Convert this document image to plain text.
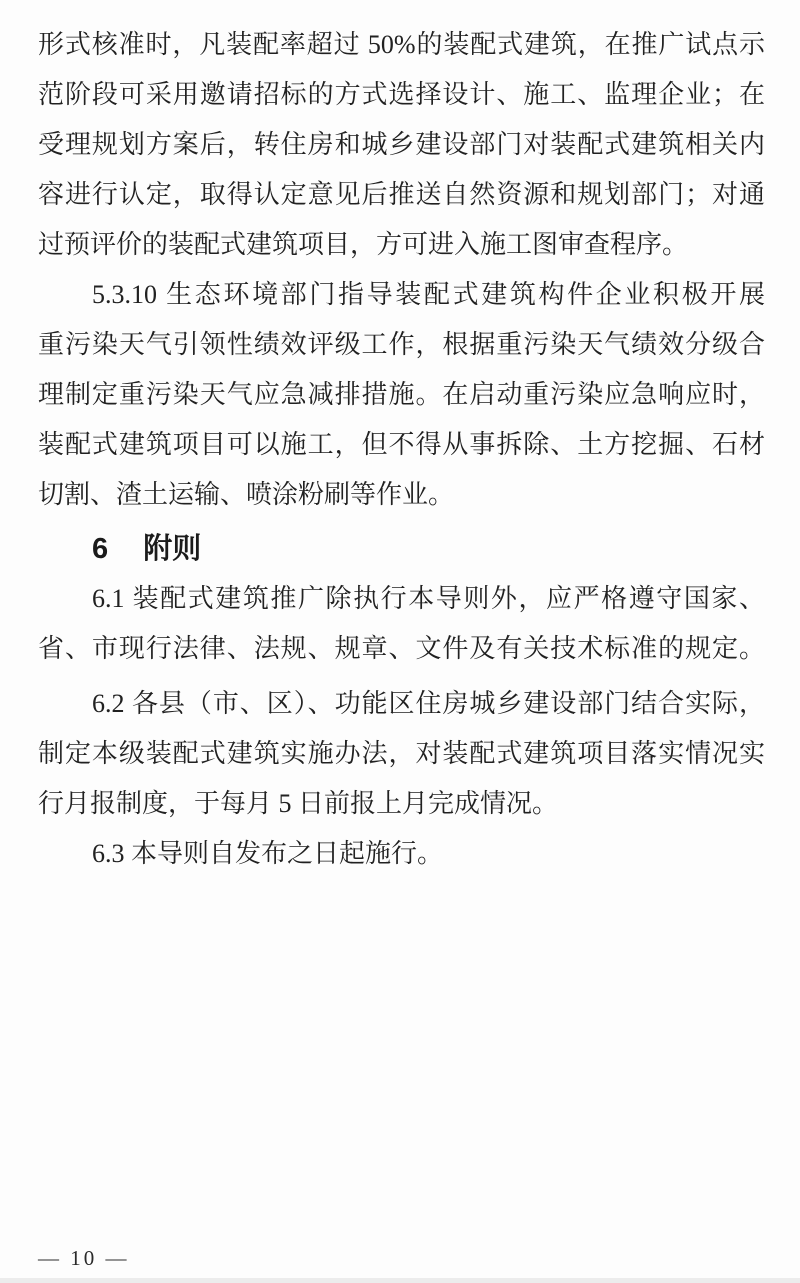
形式核准时，凡装配率超过 50%的装配式建筑，在推广试点示

范阶段可采用邀请招标的方式选择设计、施工、监理企业；在

受理规划方案后，转住房和城乡建设部门对装配式建筑相关内

容进行认定，取得认定意见后推送自然资源和规划部门；对通

过预评价的装配式建筑项目，方可进入施工图审查程序。

5.3.10 生态环境部门指导装配式建筑构件企业积极开展

重污染天气引领性绩效评级工作，根据重污染天气绩效分级合

理制定重污染天气应急减排措施。在启动重污染应急响应时，

装配式建筑项目可以施工，但不得从事拆除、土方挖掘、石材

切割、渣土运输、喷涂粉刷等作业。

6 附则

6.1 装配式建筑推广除执行本导则外，应严格遵守国家、

省、市现行法律、法规、规章、文件及有关技术标准的规定。

6.2 各县（市、区）、功能区住房城乡建设部门结合实际，

制定本级装配式建筑实施办法，对装配式建筑项目落实情况实

行月报制度，于每月 5 日前报上月完成情况。

6.3 本导则自发布之日起施行。

— 10 —
